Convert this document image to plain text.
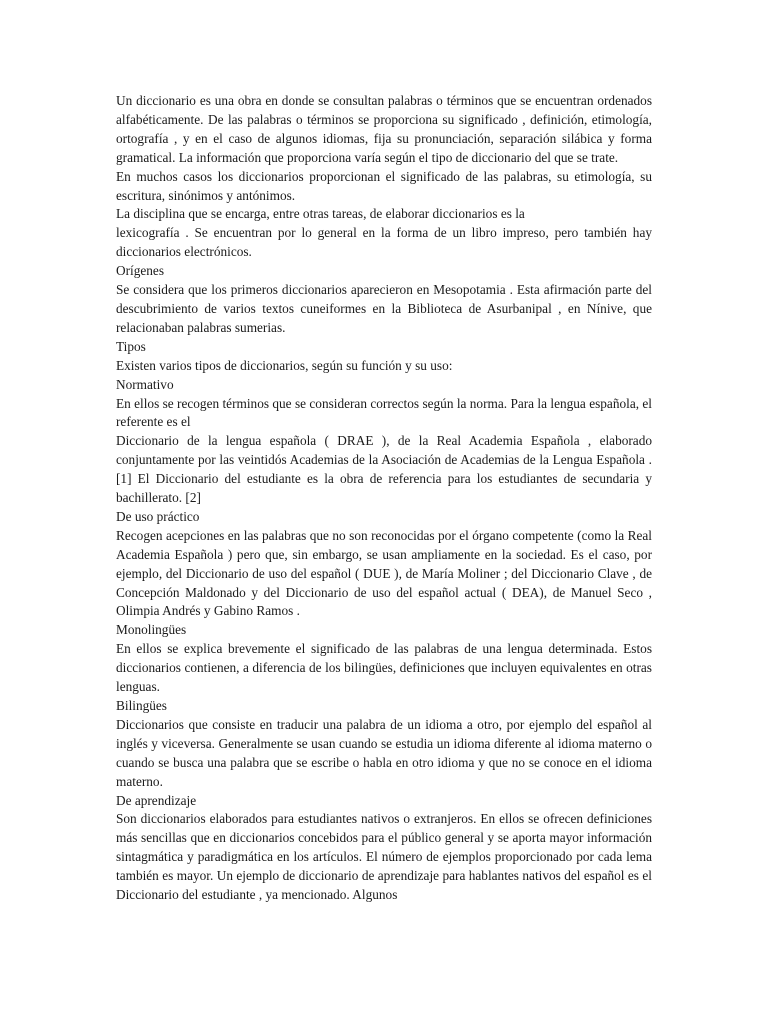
Un diccionario es una obra en donde se consultan palabras o términos que se encuentran ordenados alfabéticamente. De las palabras o términos se proporciona su significado , definición, etimología, ortografía , y en el caso de algunos idiomas, fija su pronunciación, separación silábica y forma gramatical. La información que proporciona varía según el tipo de diccionario del que se trate.

En muchos casos los diccionarios proporcionan el significado de las palabras, su etimología, su escritura, sinónimos y antónimos.

La disciplina que se encarga, entre otras tareas, de elaborar diccionarios es la

lexicografía . Se encuentran por lo general en la forma de un libro impreso, pero también hay diccionarios electrónicos.

Orígenes

Se considera que los primeros diccionarios aparecieron en Mesopotamia . Esta afirmación parte del descubrimiento de varios textos cuneiformes en la Biblioteca de Asurbanipal , en Nínive, que relacionaban palabras sumerias.

Tipos

Existen varios tipos de diccionarios, según su función y su uso:

Normativo

En ellos se recogen términos que se consideran correctos según la norma. Para la lengua española, el referente es el

Diccionario de la lengua española ( DRAE ), de la Real Academia Española , elaborado conjuntamente por las veintidós Academias de la Asociación de Academias de la Lengua Española . [1] El Diccionario del estudiante es la obra de referencia para los estudiantes de secundaria y bachillerato. [2]

De uso práctico

Recogen acepciones en las palabras que no son reconocidas por el órgano competente (como la Real Academia Española ) pero que, sin embargo, se usan ampliamente en la sociedad. Es el caso, por ejemplo, del Diccionario de uso del español ( DUE ), de María Moliner ; del Diccionario Clave , de Concepción Maldonado y del Diccionario de uso del español actual ( DEA), de Manuel Seco , Olimpia Andrés y Gabino Ramos .

Monolingües

En ellos se explica brevemente el significado de las palabras de una lengua determinada. Estos diccionarios contienen, a diferencia de los bilingües, definiciones que incluyen equivalentes en otras lenguas.

Bilingües

Diccionarios que consiste en traducir una palabra de un idioma a otro, por ejemplo del español al inglés y viceversa. Generalmente se usan cuando se estudia un idioma diferente al idioma materno o cuando se busca una palabra que se escribe o habla en otro idioma y que no se conoce en el idioma materno.

De aprendizaje

Son diccionarios elaborados para estudiantes nativos o extranjeros. En ellos se ofrecen definiciones más sencillas que en diccionarios concebidos para el público general y se aporta mayor información sintagmática y paradigmática en los artículos. El número de ejemplos proporcionado por cada lema también es mayor. Un ejemplo de diccionario de aprendizaje para hablantes nativos del español es el Diccionario del estudiante , ya mencionado. Algunos
